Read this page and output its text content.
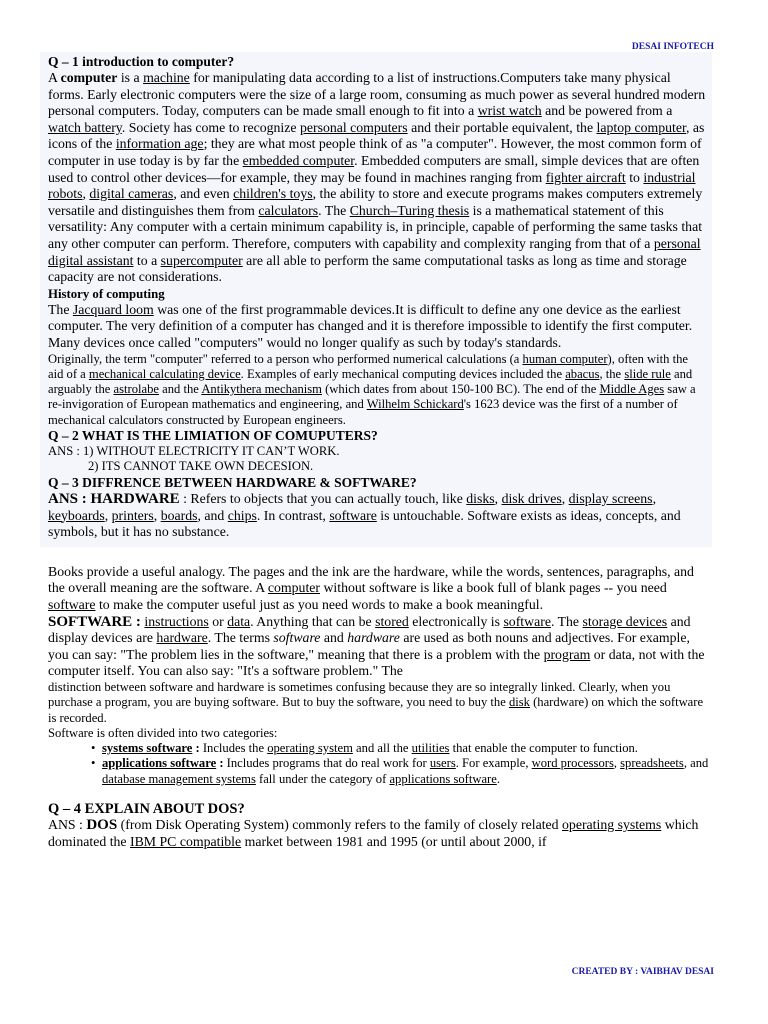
DESAI INFOTECH

Q – 1 introduction to computer?

A computer is a machine for manipulating data according to a list of instructions.Computers take many physical forms. Early electronic computers were the size of a large room, consuming as much power as several hundred modern personal computers. Today, computers can be made small enough to fit into a wrist watch and be powered from a watch battery. Society has come to recognize personal computers and their portable equivalent, the laptop computer, as icons of the information age; they are what most people think of as "a computer". However, the most common form of computer in use today is by far the embedded computer. Embedded computers are small, simple devices that are often used to control other devices—for example, they may be found in machines ranging from fighter aircraft to industrial robots, digital cameras, and even children's toys, the ability to store and execute programs makes computers extremely versatile and distinguishes them from calculators. The Church–Turing thesis is a mathematical statement of this versatility: Any computer with a certain minimum capability is, in principle, capable of performing the same tasks that any other computer can perform. Therefore, computers with capability and complexity ranging from that of a personal digital assistant to a supercomputer are all able to perform the same computational tasks as long as time and storage capacity are not considerations.

History of computing

The Jacquard loom was one of the first programmable devices.It is difficult to define any one device as the earliest computer. The very definition of a computer has changed and it is therefore impossible to identify the first computer. Many devices once called "computers" would no longer qualify as such by today's standards.

Originally, the term "computer" referred to a person who performed numerical calculations (a human computer), often with the aid of a mechanical calculating device. Examples of early mechanical computing devices included the abacus, the slide rule and arguably the astrolabe and the Antikythera mechanism (which dates from about 150-100 BC). The end of the Middle Ages saw a re-invigoration of European mathematics and engineering, and Wilhelm Schickard's 1623 device was the first of a number of mechanical calculators constructed by European engineers.

Q – 2 WHAT IS THE LIMIATION OF COMUPUTERS?

ANS : 1) WITHOUT ELECTRICITY IT CAN’T WORK.

2) ITS CANNOT TAKE OWN DECESION.

Q – 3 DIFFRENCE BETWEEN HARDWARE & SOFTWARE?

ANS : HARDWARE : Refers to objects that you can actually touch, like disks, disk drives, display screens, keyboards, printers, boards, and chips. In contrast, software is untouchable. Software exists as ideas, concepts, and symbols, but it has no substance.

Books provide a useful analogy. The pages and the ink are the hardware, while the words, sentences, paragraphs, and the overall meaning are the software. A computer without software is like a book full of blank pages -- you need software to make the computer useful just as you need words to make a book meaningful.

SOFTWARE : instructions or data. Anything that can be stored electronically is software. The storage devices and display devices are hardware. The terms software and hardware are used as both nouns and adjectives. For example, you can say: "The problem lies in the software," meaning that there is a problem with the program or data, not with the computer itself. You can also say: "It's a software problem." The

distinction between software and hardware is sometimes confusing because they are so integrally linked. Clearly, when you purchase a program, you are buying software. But to buy the software, you need to buy the disk (hardware) on which the software is recorded.

Software is often divided into two categories:

• systems software : Includes the operating system and all the utilities that enable the computer to function.
• applications software : Includes programs that do real work for users. For example, word processors, spreadsheets, and database management systems fall under the category of applications software.

Q – 4 EXPLAIN ABOUT DOS?

ANS : DOS (from Disk Operating System) commonly refers to the family of closely related operating systems which dominated the IBM PC compatible market between 1981 and 1995 (or until about 2000, if

CREATED BY : VAIBHAV DESAI
